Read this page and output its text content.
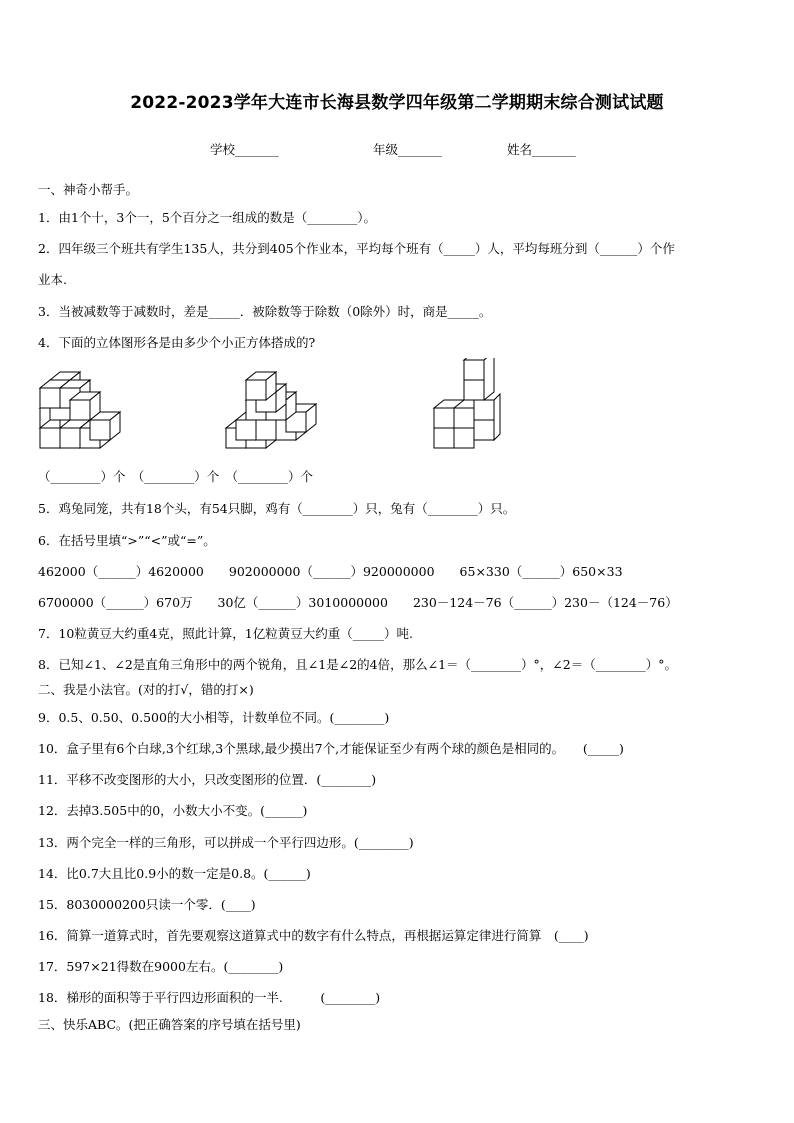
2022-2023学年大连市长海县数学四年级第二学期期末综合测试试题
学校_______	年级_______	姓名_______
一、神奇小帮手。
1．由1个十，3个一，5个百分之一组成的数是（________）。
2．四年级三个班共有学生135人，共分到405个作业本，平均每个班有（_____）人，平均每班分到（______）个作
业本.
3．当被减数等于减数时，差是_____．被除数等于除数（0除外）时，商是_____。
4．下面的立体图形各是由多少个小正方体搭成的?
（________）个　（________）个　（________）个
5．鸡兔同笼，共有18个头，有54只脚，鸡有（________）只，兔有（________）只。
6．在括号里填“>”“<”或“=”。
462000（______）4620000　　902000000（______）920000000　　65×330（______）650×33
6700000（______）670万　　30亿（______）3010000000　　230－124－76（______）230－（124－76）
7．10粒黄豆大约重4克，照此计算，1亿粒黄豆大约重（_____）吨.
8．已知∠1、∠2是直角三角形中的两个锐角，且∠1是∠2的4倍，那么∠1＝（________）°，∠2＝（________）°。
二、我是小法官。(对的打√，错的打×)
9．0.5、0.50、0.500的大小相等，计数单位不同。(________)
10．盒子里有6个白球,3个红球,3个黑球,最少摸出7个,才能保证至少有两个球的颜色是相同的。　　(_____)
11．平移不改变图形的大小，只改变图形的位置．(________)
12．去掉3.505中的0，小数大小不变。(______)
13．两个完全一样的三角形，可以拼成一个平行四边形。(________)
14．比0.7大且比0.9小的数一定是0.8。(______)
15．8030000200只读一个零．(____)
16．简算一道算式时，首先要观察这道算式中的数字有什么特点，再根据运算定律进行简算　(____)
17．597×21得数在9000左右。(________)
18．梯形的面积等于平行四边形面积的一半.　　　(________)
三、快乐ABC。(把正确答案的序号填在括号里)
